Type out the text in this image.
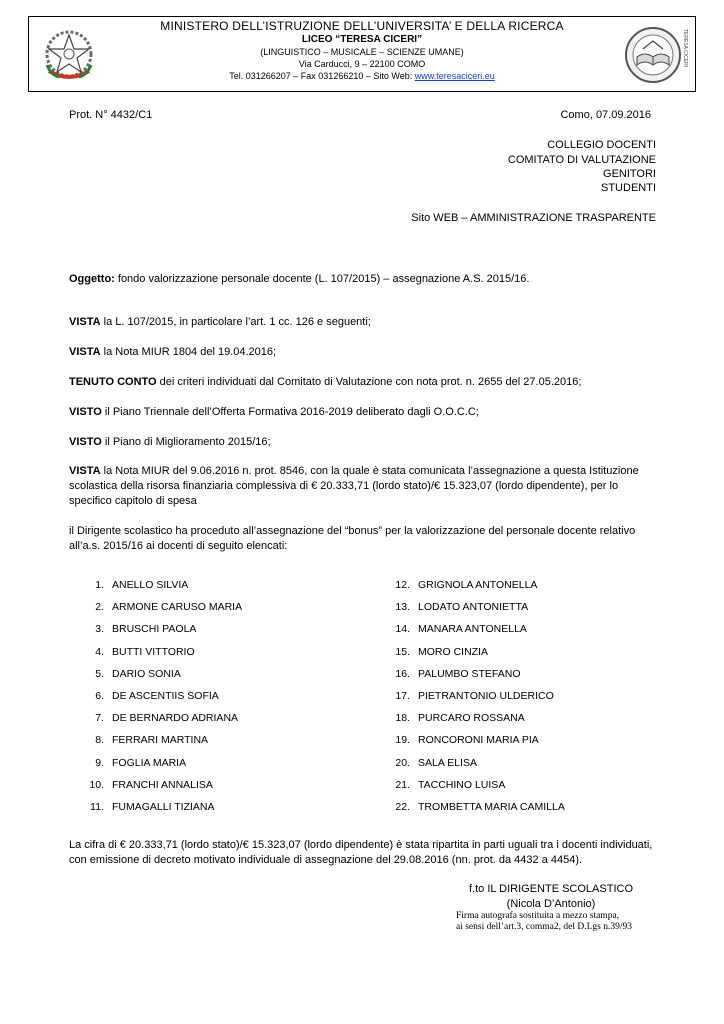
MINISTERO DELL’ISTRUZIONE DELL’UNIVERSITA’ E DELLA RICERCA
LICEO “TERESA CICERI”
(LINGUISTICO – MUSICALE – SCIENZE UMANE)
Via Carducci, 9 – 22100 COMO
Tel. 031266207 – Fax 031266210 – Sito Web: www.teresaciceri.eu
TERESA CICERI
Prot. N° 4432/C1	Como, 07.09.2016
COLLEGIO DOCENTI
COMITATO DI VALUTAZIONE
GENITORI
STUDENTI
Sito WEB – AMMINISTRAZIONE TRASPARENTE
Oggetto: fondo valorizzazione personale docente (L. 107/2015) – assegnazione A.S. 2015/16.
VISTA la L. 107/2015, in particolare l’art. 1 cc. 126 e seguenti;
VISTA la Nota MIUR 1804 del 19.04.2016;
TENUTO CONTO dei criteri individuati dal Comitato di Valutazione con nota prot. n. 2655 del 27.05.2016;
VISTO il Piano Triennale dell’Offerta Formativa 2016-2019 deliberato dagli O.O.C.C;
VISTO il Piano di Miglioramento 2015/16;
VISTA la Nota MIUR del 9.06.2016 n. prot. 8546, con la quale è stata comunicata l’assegnazione a questa Istituzione scolastica della risorsa finanziaria complessiva di € 20.333,71 (lordo stato)/€ 15.323,07 (lordo dipendente), per lo specifico capitolo di spesa
il Dirigente scolastico ha proceduto all’assegnazione del “bonus” per la valorizzazione del personale docente relativo all’a.s. 2015/16 ai docenti di seguito elencati:
1. ANELLO SILVIA
2. ARMONE CARUSO MARIA
3. BRUSCHI PAOLA
4. BUTTI VITTORIO
5. DARIO SONIA
6. DE ASCENTIIS SOFIA
7. DE BERNARDO ADRIANA
8. FERRARI MARTINA
9. FOGLIA MARIA
10. FRANCHI ANNALISA
11. FUMAGALLI TIZIANA
12. GRIGNOLA ANTONELLA
13. LODATO ANTONIETTA
14. MANARA ANTONELLA
15. MORO CINZIA
16. PALUMBO STEFANO
17. PIETRANTONIO ULDERICO
18. PURCARO ROSSANA
19. RONCORONI MARIA PIA
20. SALA ELISA
21. TACCHINO LUISA
22. TROMBETTA MARIA CAMILLA
La cifra di € 20.333,71 (lordo stato)/€ 15.323,07 (lordo dipendente) è stata ripartita in parti uguali tra i docenti individuati, con emissione di decreto motivato individuale di assegnazione del 29.08.2016 (nn. prot. da 4432 a 4454).
f.to IL DIRIGENTE SCOLASTICO
(Nicola D’Antonio)
Firma autografa sostituita a mezzo stampa,
ai sensi dell’art.3, comma2, del D.Lgs n.39/93
